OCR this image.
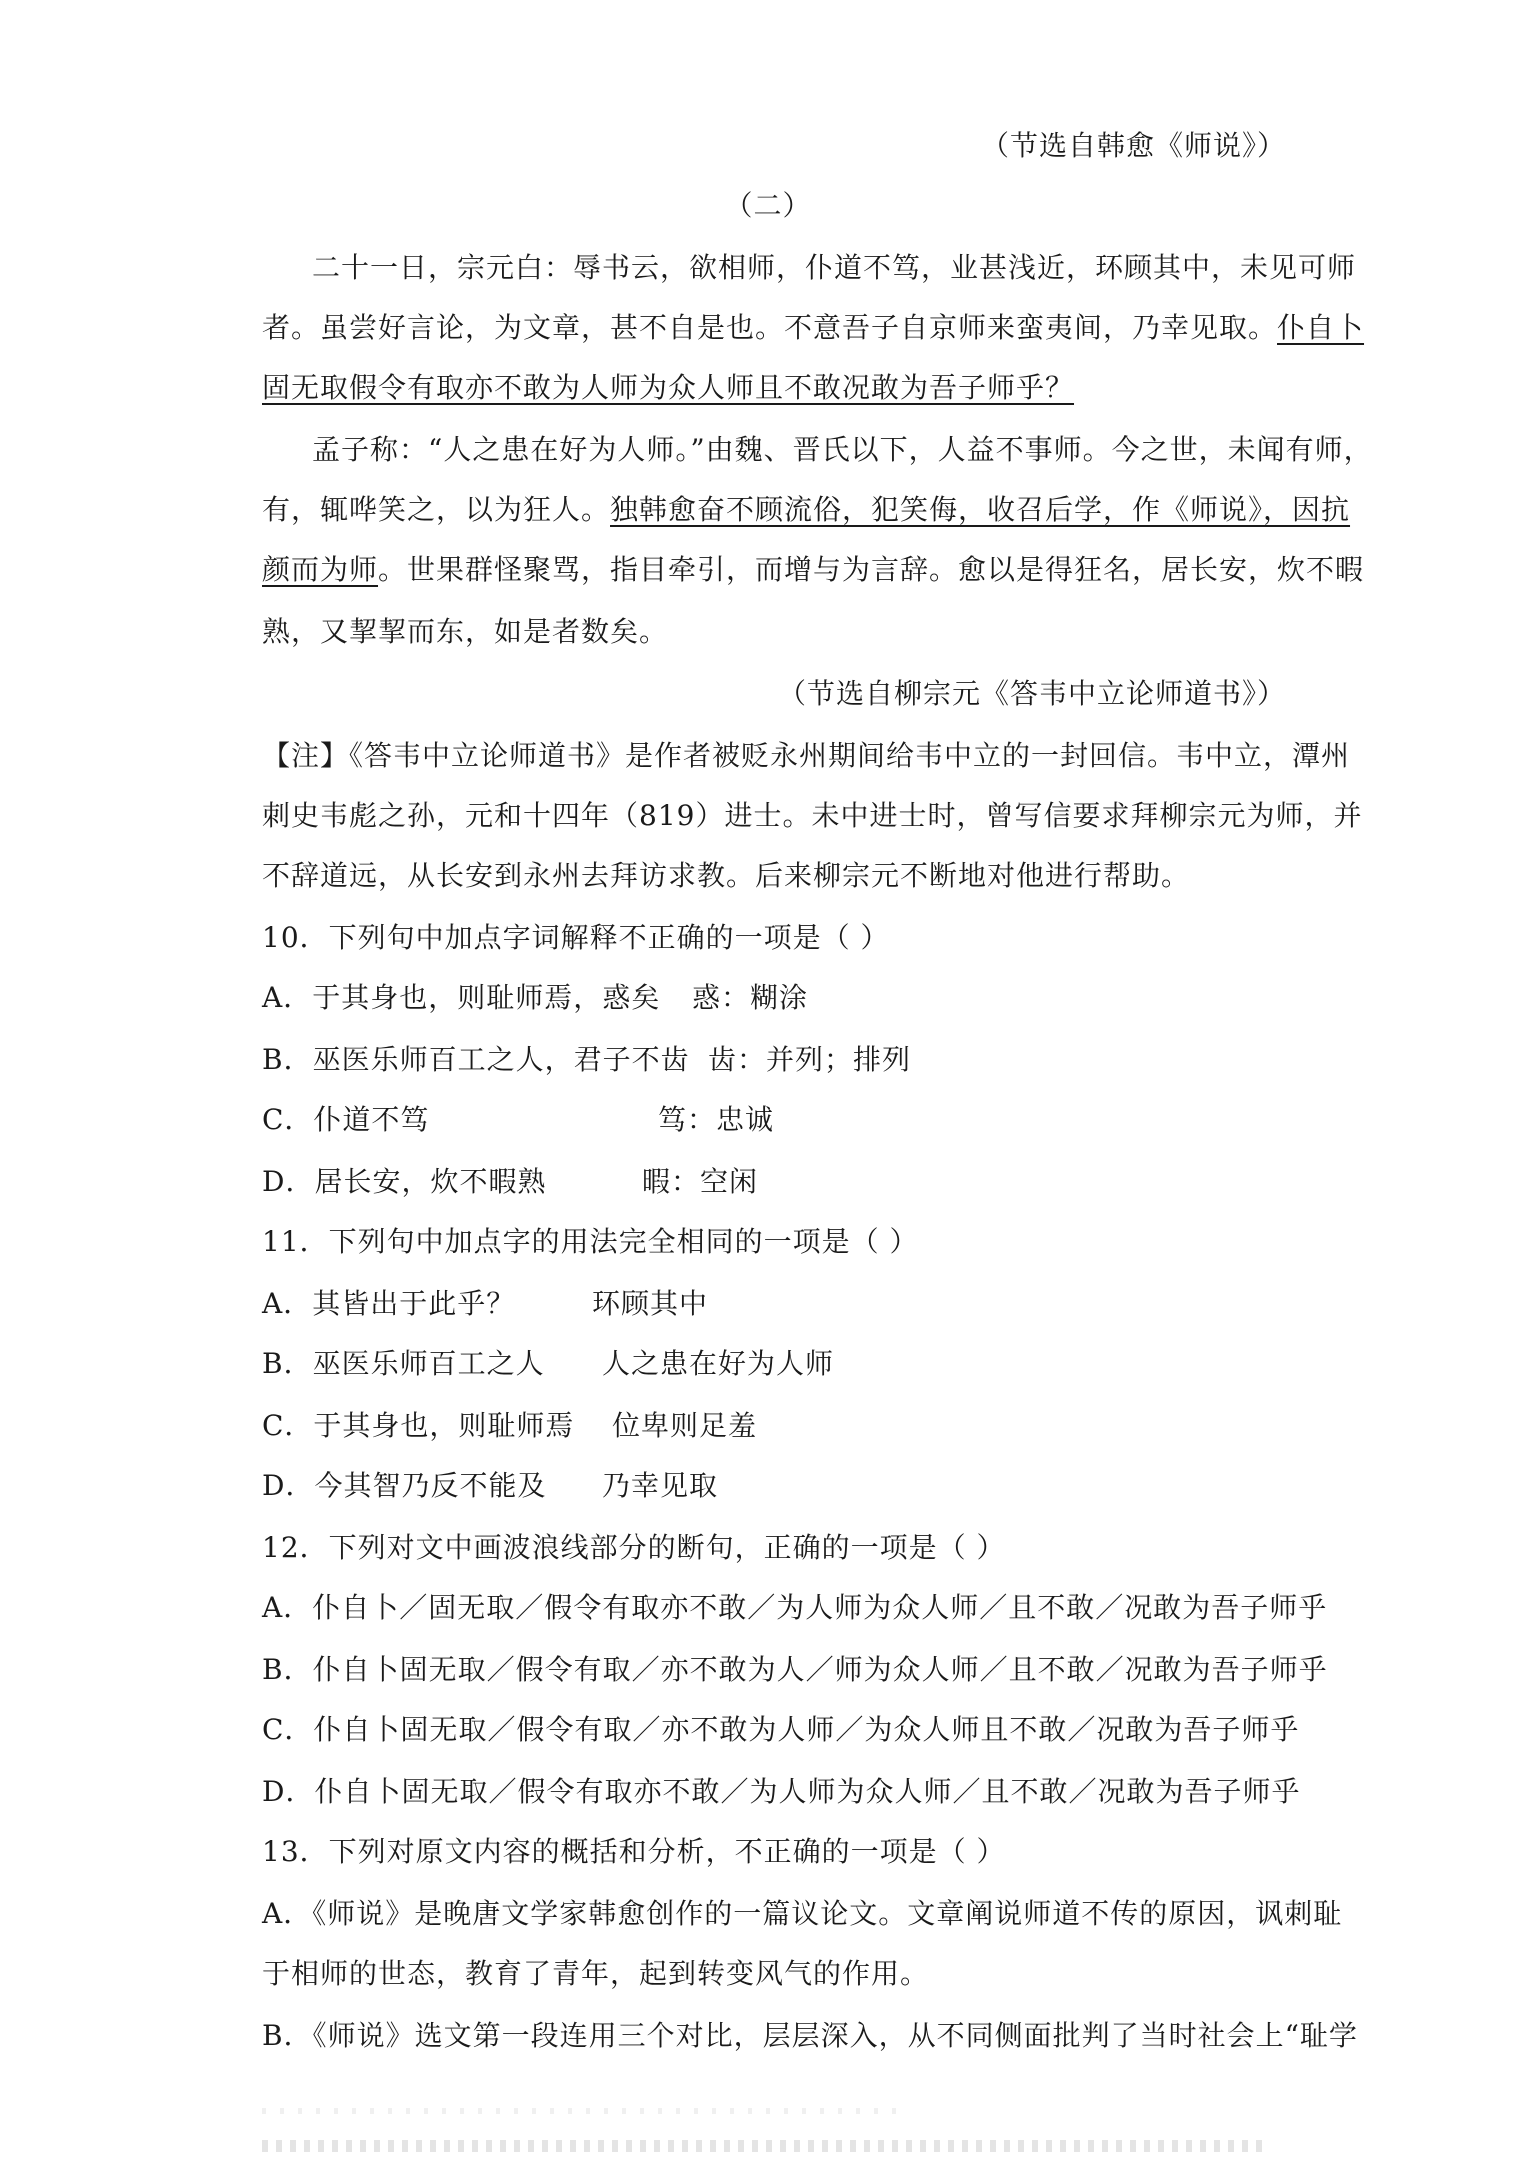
（节选自韩愈《师说》）
（二）
二十一日，宗元白：辱书云，欲相师，仆道不笃，业甚浅近，环顾其中，未见可师
者。虽尝好言论，为文章，甚不自是也。不意吾子自京师来蛮夷间，乃幸见取。仆自卜
固无取假令有取亦不敢为人师为众人师且不敢况敢为吾子师乎？
孟子称：“人之患在好为人师。”由魏、晋氏以下，人益不事师。今之世，未闻有师，
有，辄哗笑之，以为狂人。独韩愈奋不顾流俗，犯笑侮，收召后学，作《师说》，因抗
颜而为师。世果群怪聚骂，指目牵引，而增与为言辞。愈以是得狂名，居长安，炊不暇
熟，又挈挈而东，如是者数矣。
（节选自柳宗元《答韦中立论师道书》）
【注】《答韦中立论师道书》是作者被贬永州期间给韦中立的一封回信。韦中立，潭州
刺史韦彪之孙，元和十四年（819）进士。未中进士时，曾写信要求拜柳宗元为师，并
不辞道远，从长安到永州去拜访求教。后来柳宗元不断地对他进行帮助。
10．下列句中加点字词解释不正确的一项是（ ）
A．于其身也，则耻师焉，惑矣 惑：糊涂
B．巫医乐师百工之人，君子不齿 齿：并列；排列
C．仆道不笃	笃：忠诚
D．居长安，炊不暇熟	暇：空闲
11．下列句中加点字的用法完全相同的一项是（ ）
A．其皆出于此乎？	环顾其中
B．巫医乐师百工之人 人之患在好为人师
C．于其身也，则耻师焉 位卑则足羞
D．今其智乃反不能及 乃幸见取
12．下列对文中画波浪线部分的断句，正确的一项是（ ）
A．仆自卜／固无取／假令有取亦不敢／为人师为众人师／且不敢／况敢为吾子师乎
B．仆自卜固无取／假令有取／亦不敢为人／师为众人师／且不敢／况敢为吾子师乎
C．仆自卜固无取／假令有取／亦不敢为人师／为众人师且不敢／况敢为吾子师乎
D．仆自卜固无取／假令有取亦不敢／为人师为众人师／且不敢／况敢为吾子师乎
13．下列对原文内容的概括和分析，不正确的一项是（ ）
A．《师说》是晚唐文学家韩愈创作的一篇议论文。文章阐说师道不传的原因，讽刺耻
于相师的世态，教育了青年，起到转变风气的作用。
B．《师说》选文第一段连用三个对比，层层深入，从不同侧面批判了当时社会上“耻学
